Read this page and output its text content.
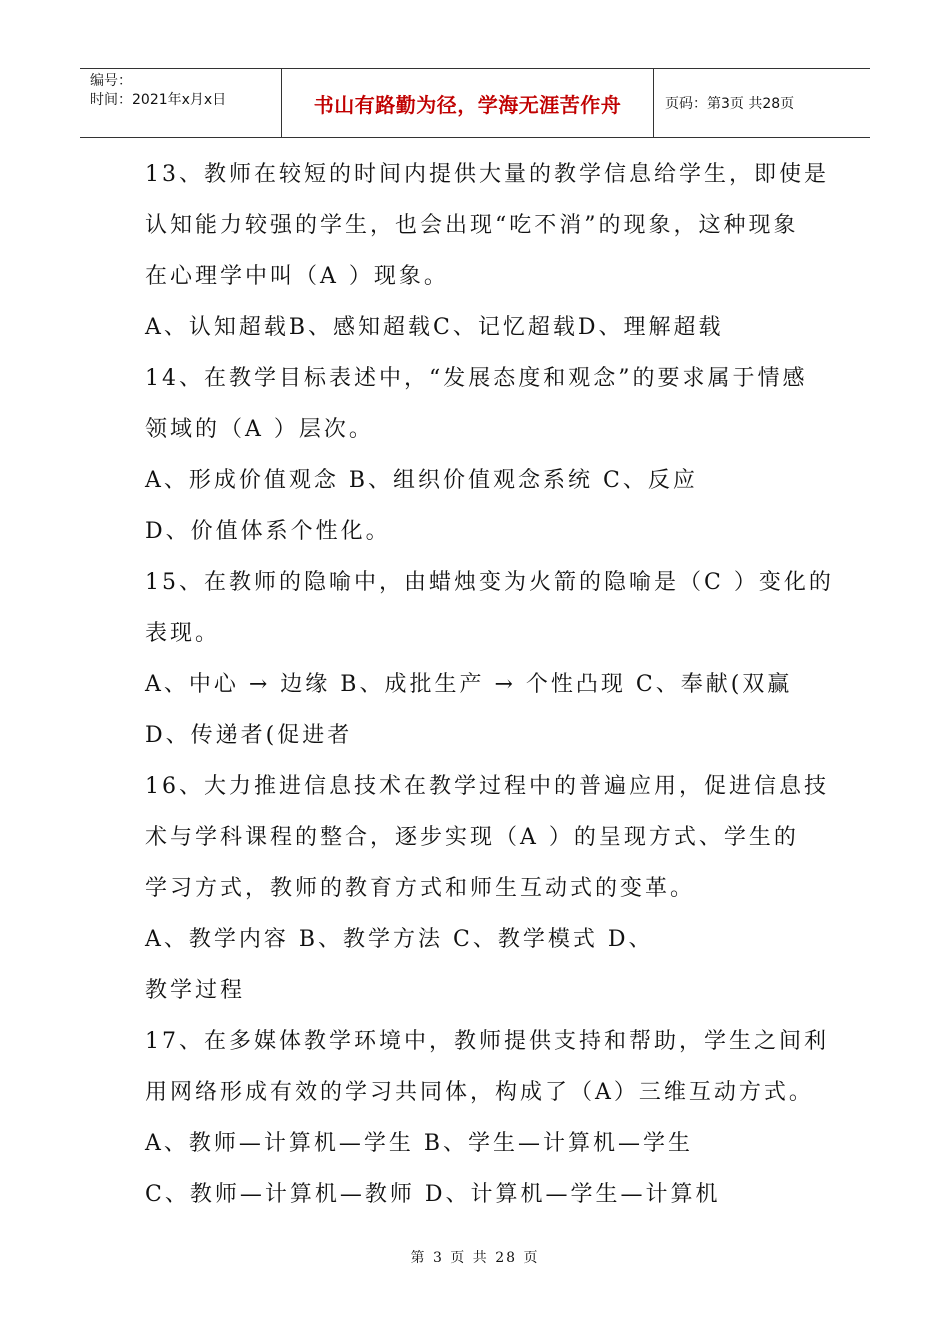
编号：
时间：2021年x月x日	书山有路勤为径，学海无涯苦作舟	页码：第3页 共28页
13、教师在较短的时间内提供大量的教学信息给学生，即使是
认知能力较强的学生，也会出现“吃不消”的现象，这种现象
在心理学中叫（A ）现象。
A、认知超载B、感知超载C、记忆超载D、理解超载
14、在教学目标表述中，“发展态度和观念”的要求属于情感
领域的（A ）层次。
A、形成价值观念 B、组织价值观念系统 C、反应
D、价值体系个性化。
15、在教师的隐喻中，由蜡烛变为火箭的隐喻是（C ）变化的
表现。
A、中心 → 边缘 B、成批生产 → 个性凸现 C、奉献(双赢
D、传递者(促进者
16、大力推进信息技术在教学过程中的普遍应用，促进信息技
术与学科课程的整合，逐步实现（A ）的呈现方式、学生的
学习方式，教师的教育方式和师生互动式的变革。
A、教学内容 B、教学方法 C、教学模式 D、
教学过程
17、在多媒体教学环境中，教师提供支持和帮助，学生之间利
用网络形成有效的学习共同体，构成了（A）三维互动方式。
A、教师—计算机—学生 B、学生—计算机—学生
C、教师—计算机—教师 D、计算机—学生—计算机
第 3 页 共 28 页
